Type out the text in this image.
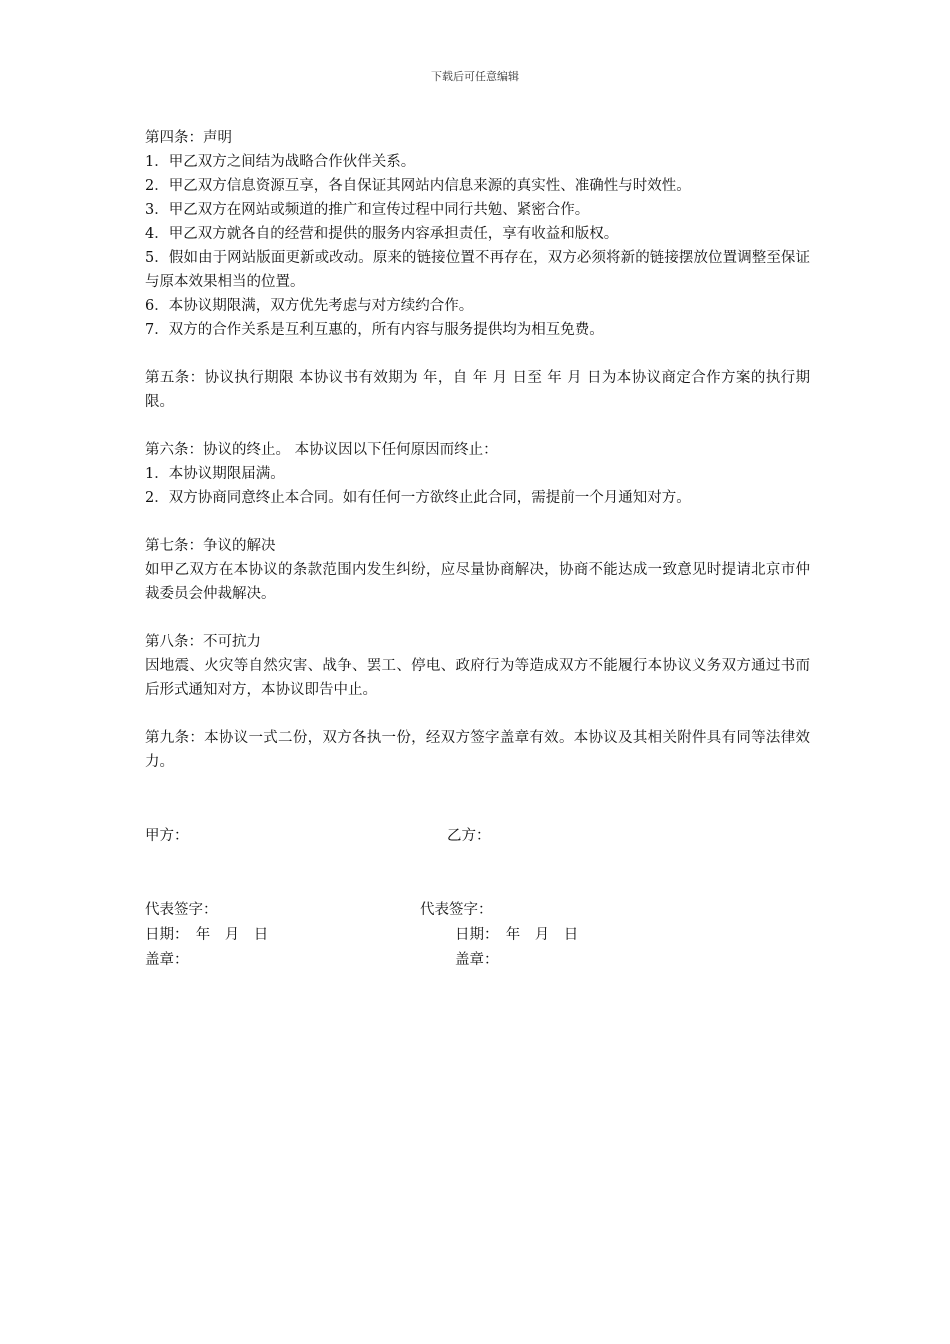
下载后可任意编辑
第四条：声明
1．甲乙双方之间结为战略合作伙伴关系。
2．甲乙双方信息资源互享，各自保证其网站内信息来源的真实性、准确性与时效性。
3．甲乙双方在网站或频道的推广和宣传过程中同行共勉、紧密合作。
4．甲乙双方就各自的经营和提供的服务内容承担责任，享有收益和版权。
5．假如由于网站版面更新或改动。原来的链接位置不再存在，双方必须将新的链接摆放位置调整至保证与原本效果相当的位置。
6．本协议期限满，双方优先考虑与对方续约合作。
7．双方的合作关系是互利互惠的，所有内容与服务提供均为相互免费。
第五条：协议执行期限 本协议书有效期为 年，自 年 月 日至 年 月 日为本协议商定合作方案的执行期限。
第六条：协议的终止。 本协议因以下任何原因而终止：
1．本协议期限届满。
2．双方协商同意终止本合同。如有任何一方欲终止此合同，需提前一个月通知对方。
第七条：争议的解决
如甲乙双方在本协议的条款范围内发生纠纷，应尽量协商解决，协商不能达成一致意见时提请北京市仲裁委员会仲裁解决。
第八条：不可抗力
因地震、火灾等自然灾害、战争、罢工、停电、政府行为等造成双方不能履行本协议义务双方通过书而后形式通知对方，本协议即告中止。
第九条：本协议一式二份，双方各执一份，经双方签字盖章有效。本协议及其相关附件具有同等法律效力。
甲方：	乙方：
代表签字：	代表签字：
日期：　年　月　日	日期：　年　月　日
盖章：	盖章：
